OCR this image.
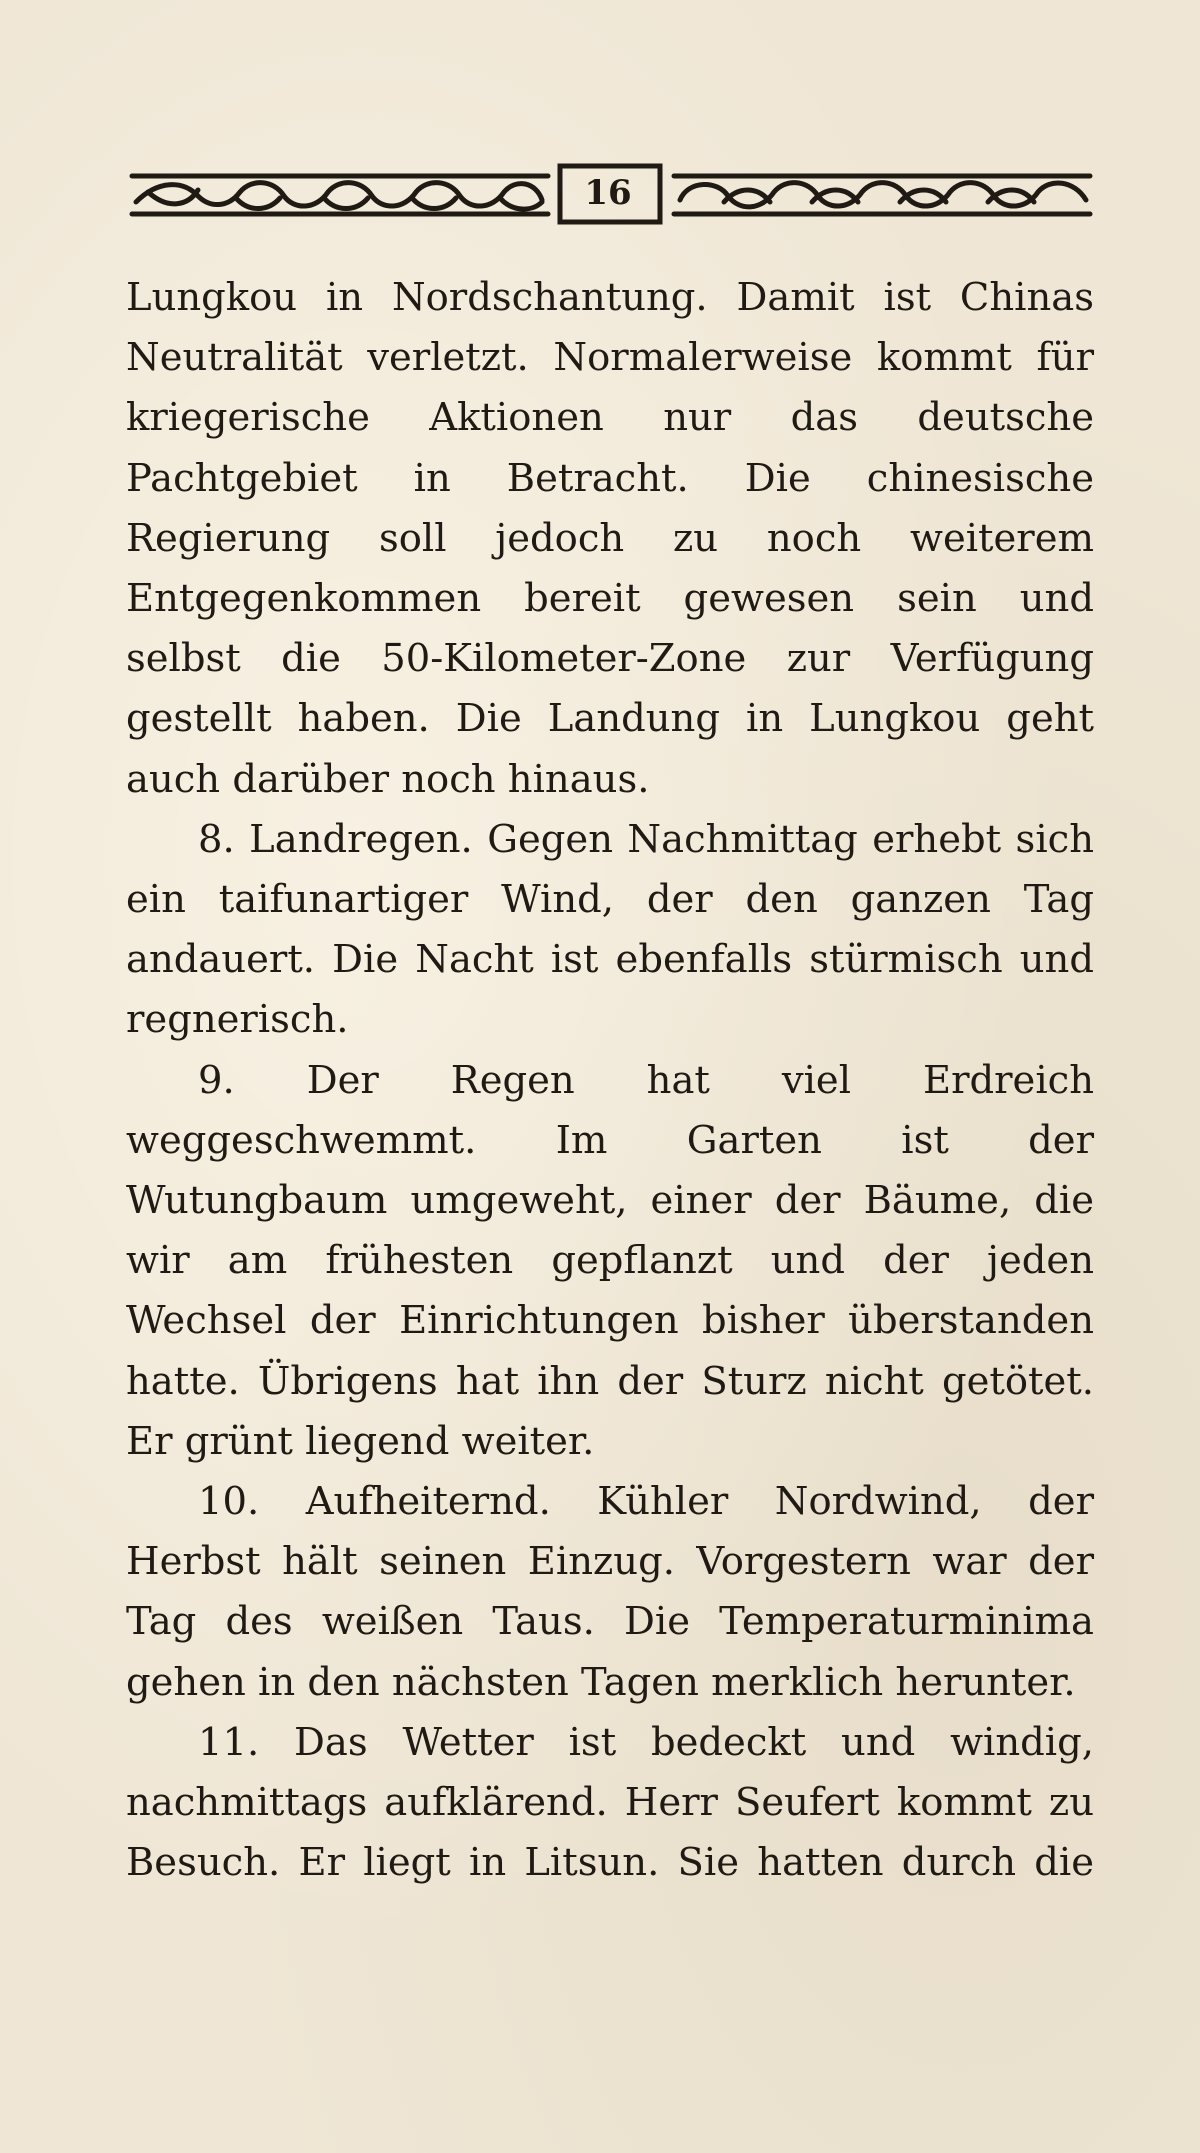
16

Lungkou in Nordschantung. Damit ist Chinas Neutralität verletzt. Normalerweise kommt für kriegerische Aktionen nur das deutsche Pachtgebiet in Betracht. Die chinesische Regierung soll jedoch zu noch weiterem Entgegenkommen bereit gewesen sein und selbst die 50-Kilometer-Zone zur Verfügung gestellt haben. Die Landung in Lungkou geht auch darüber noch hinaus.

8. Landregen. Gegen Nachmittag erhebt sich ein taifunartiger Wind, der den ganzen Tag andauert. Die Nacht ist ebenfalls stürmisch und regnerisch.

9. Der Regen hat viel Erdreich weggeschwemmt. Im Garten ist der Wutungbaum umgeweht, einer der Bäume, die wir am frühesten gepflanzt und der jeden Wechsel der Einrichtungen bisher überstanden hatte. Übrigens hat ihn der Sturz nicht getötet. Er grünt liegend weiter.

10. Aufheiternd. Kühler Nordwind, der Herbst hält seinen Einzug. Vorgestern war der Tag des weißen Taus. Die Temperaturminima gehen in den nächsten Tagen merklich herunter.

11. Das Wetter ist bedeckt und windig, nachmittags aufklärend. Herr Seufert kommt zu Besuch. Er liegt in Litsun. Sie hatten durch die
